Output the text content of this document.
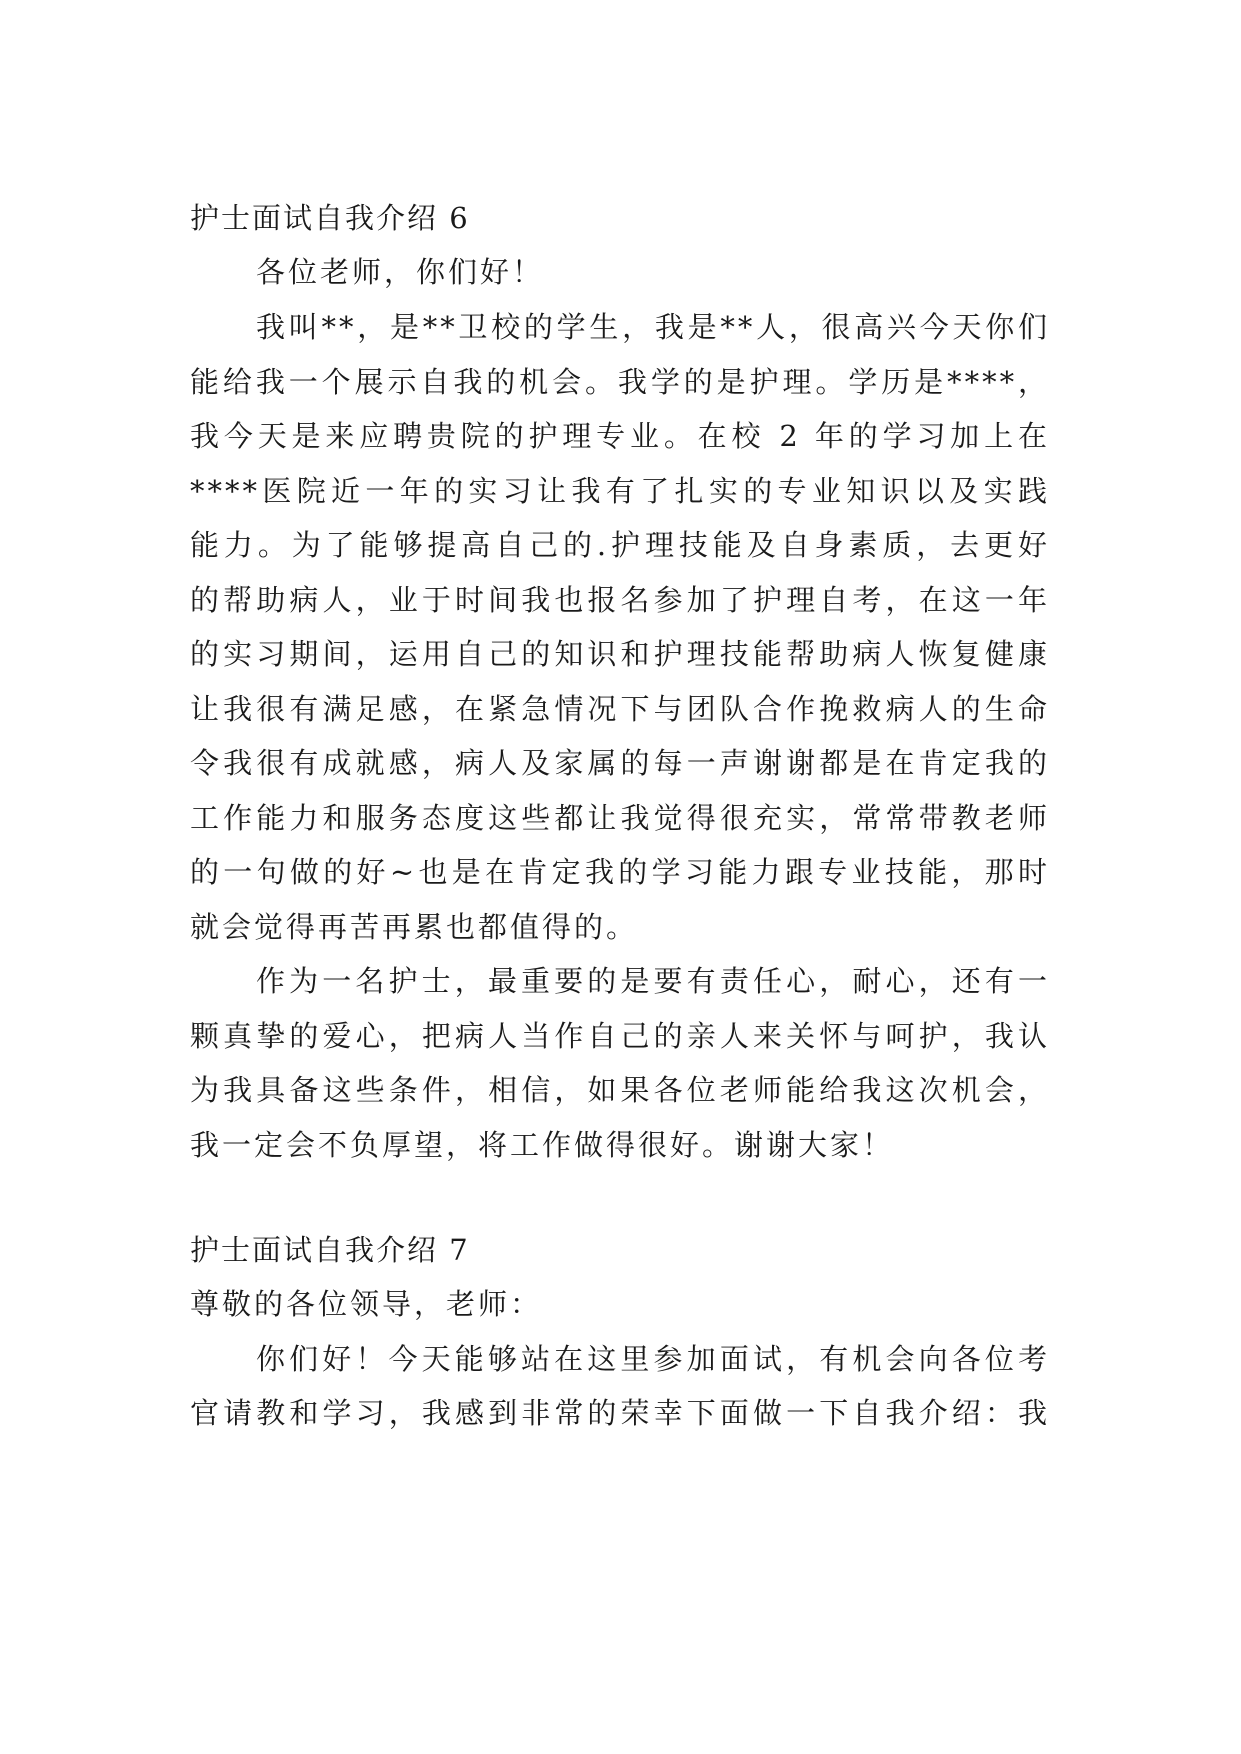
护士面试自我介绍 6
各位老师，你们好！
我叫**，是**卫校的学生，我是**人，很高兴今天你们
能给我一个展示自我的机会。我学的是护理。学历是****，
我今天是来应聘贵院的护理专业。在校 2 年的学习加上在
****医院近一年的实习让我有了扎实的专业知识以及实践
能力。为了能够提高自己的.护理技能及自身素质，去更好
的帮助病人，业于时间我也报名参加了护理自考，在这一年
的实习期间，运用自己的知识和护理技能帮助病人恢复健康
让我很有满足感，在紧急情况下与团队合作挽救病人的生命
令我很有成就感，病人及家属的每一声谢谢都是在肯定我的
工作能力和服务态度这些都让我觉得很充实，常常带教老师
的一句做的好~也是在肯定我的学习能力跟专业技能，那时
就会觉得再苦再累也都值得的。
作为一名护士，最重要的是要有责任心，耐心，还有一
颗真挚的爱心，把病人当作自己的亲人来关怀与呵护，我认
为我具备这些条件，相信，如果各位老师能给我这次机会，
我一定会不负厚望，将工作做得很好。谢谢大家！
护士面试自我介绍 7
尊敬的各位领导，老师：
你们好！今天能够站在这里参加面试，有机会向各位考
官请教和学习，我感到非常的荣幸下面做一下自我介绍：我
